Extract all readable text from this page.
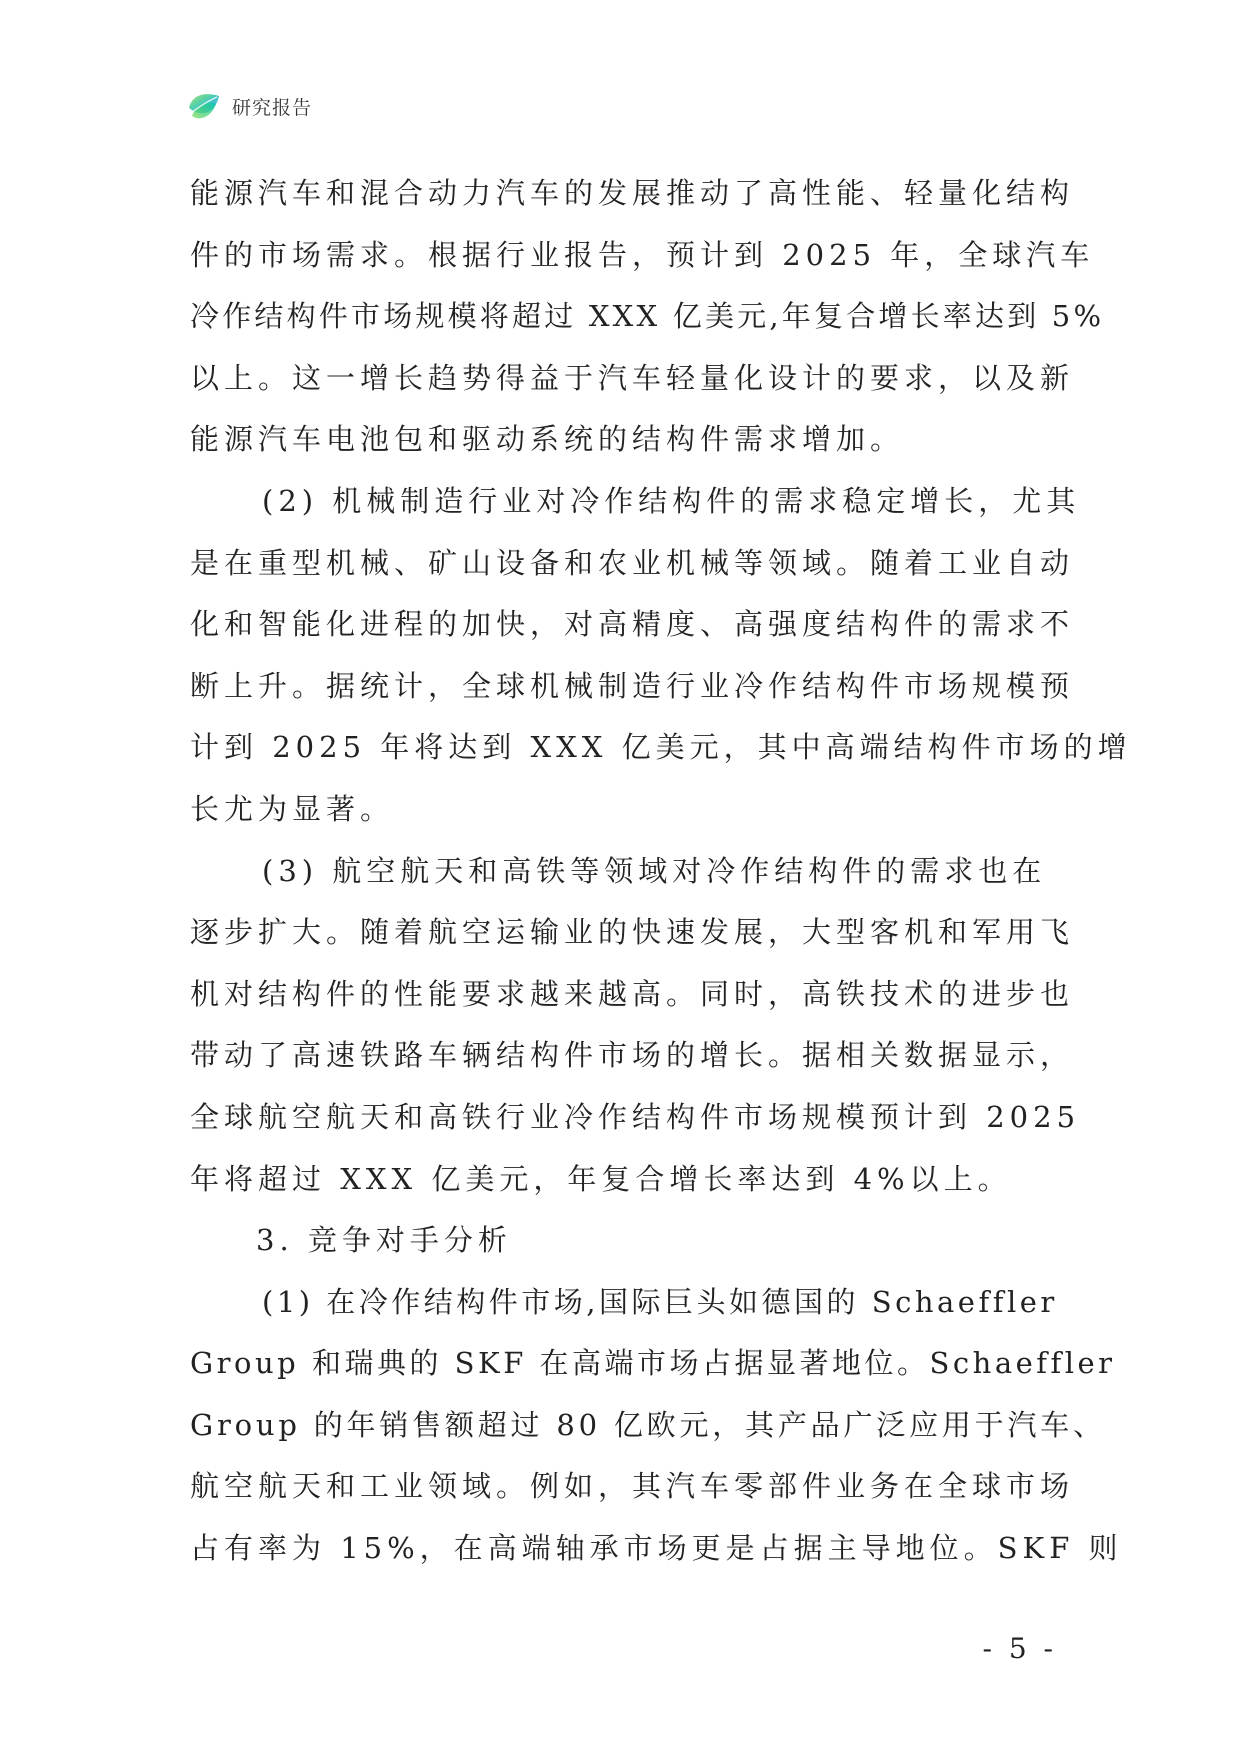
研究报告
能源汽车和混合动力汽车的发展推动了高性能、轻量化结构
件的市场需求。根据行业报告，预计到 2025 年，全球汽车
冷作结构件市场规模将超过 XXX 亿美元,年复合增长率达到 5%
以上。这一增长趋势得益于汽车轻量化设计的要求，以及新
能源汽车电池包和驱动系统的结构件需求增加。
(2) 机械制造行业对冷作结构件的需求稳定增长，尤其
是在重型机械、矿山设备和农业机械等领域。随着工业自动
化和智能化进程的加快，对高精度、高强度结构件的需求不
断上升。据统计，全球机械制造行业冷作结构件市场规模预
计到 2025 年将达到 XXX 亿美元，其中高端结构件市场的增
长尤为显著。
(3) 航空航天和高铁等领域对冷作结构件的需求也在
逐步扩大。随着航空运输业的快速发展，大型客机和军用飞
机对结构件的性能要求越来越高。同时，高铁技术的进步也
带动了高速铁路车辆结构件市场的增长。据相关数据显示，
全球航空航天和高铁行业冷作结构件市场规模预计到 2025
年将超过 XXX 亿美元，年复合增长率达到 4%以上。
3. 竞争对手分析
(1) 在冷作结构件市场,国际巨头如德国的 Schaeffler
Group 和瑞典的 SKF 在高端市场占据显著地位。Schaeffler
Group 的年销售额超过 80 亿欧元，其产品广泛应用于汽车、
航空航天和工业领域。例如，其汽车零部件业务在全球市场
占有率为 15%，在高端轴承市场更是占据主导地位。SKF 则
- 5 -
